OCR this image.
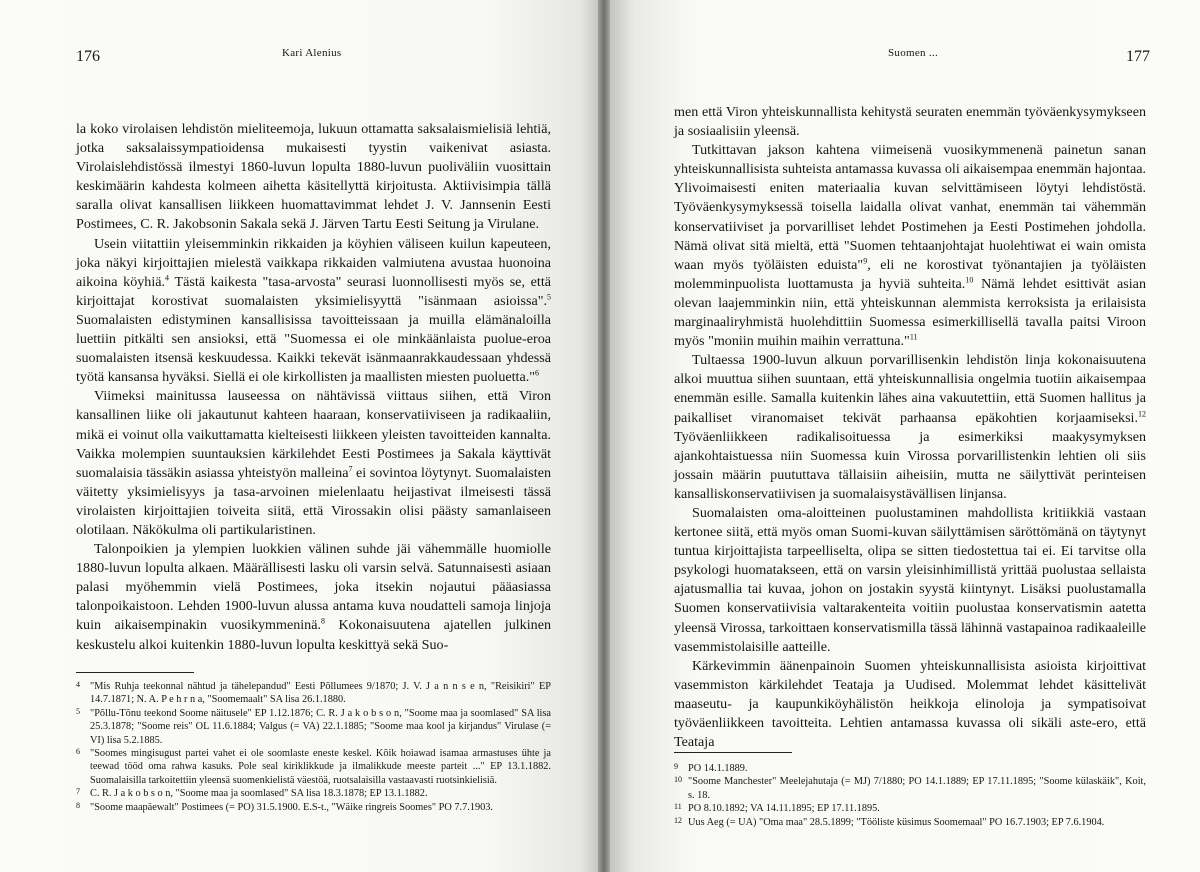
176	Kari Alenius

la koko virolaisen lehdistön mieliteemoja, lukuun ottamatta saksalaismielisiä lehtiä, jotka saksalaissympatioidensa mukaisesti tyystin vaikenivat asiasta. Virolaislehdistössä ilmestyi 1860-luvun lopulta 1880-luvun puoliväliin vuosittain keskimäärin kahdesta kolmeen aihetta käsitellyttä kirjoitusta. Aktiivisimpia tällä saralla olivat kansallisen liikkeen huomattavimmat lehdet J. V. Jannsenin Eesti Postimees, C. R. Jakobsonin Sakala sekä J. Järven Tartu Eesti Seitung ja Virulane.

Usein viitattiin yleisemminkin rikkaiden ja köyhien väliseen kuilun kapeuteen, joka näkyi kirjoittajien mielestä vaikkapa rikkaiden valmiutena avustaa huonoina aikoina köyhiä.$^4$ Tästä kaikesta "tasa-arvosta" seurasi luonnollisesti myös se, että kirjoittajat korostivat suomalaisten yksimielisyyttä "isänmaan asioissa".$^5$ Suomalaisten edistyminen kansallisissa tavoitteissaan ja muilla elämänaloilla luettiin pitkälti sen ansioksi, että "Suomessa ei ole minkäänlaista puolue-eroa suomalaisten itsensä keskuudessa. Kaikki tekevät isänmaanrakkaudessaan yhdessä työtä kansansa hyväksi. Siellä ei ole kirkollisten ja maallisten miesten puoluetta."$^6$

Viimeksi mainitussa lauseessa on nähtävissä viittaus siihen, että Viron kansallinen liike oli jakautunut kahteen haaraan, konservatiiviseen ja radikaaliin, mikä ei voinut olla vaikuttamatta kielteisesti liikkeen yleisten tavoitteiden kannalta. Vaikka molempien suuntauksien kärkilehdet Eesti Postimees ja Sakala käyttivät suomalaisia tässäkin asiassa yhteistyön malleina$^7$ ei sovintoa löytynyt. Suomalaisten väitetty yksimielisyys ja tasa-arvoinen mielenlaatu heijastivat ilmeisesti tässä virolaisten kirjoittajien toiveita siitä, että Virossakin olisi päästy samanlaiseen olotilaan. Näkökulma oli partikularistinen.

Talonpoikien ja ylempien luokkien välinen suhde jäi vähemmälle huomiolle 1880-luvun lopulta alkaen. Määrällisesti lasku oli varsin selvä. Satunnaisesti asiaan palasi myöhemmin vielä Postimees, joka itsekin nojautui pääasiassa talonpoikaistoon. Lehden 1900-luvun alussa antama kuva noudatteli samoja linjoja kuin aikaisempinakin vuosikymmeninä.$^8$ Kokonaisuutena ajatellen julkinen keskustelu alkoi kuitenkin 1880-luvun lopulta keskittyä sekä Suo-

4 "Mis Ruhja teekonnal nähtud ja tähelepandud" Eesti Põllumees 9/1870; J. V. J a n n s e n, "Reisikiri" EP 14.7.1871; N. A. P e h r n a, "Soomemaalt" SA lisa 26.1.1880.

5 "Põllu-Tõnu teekond Soome näitusele" EP 1.12.1876; C. R. J a k o b s o n, "Soome maa ja soomlased" SA lisa 25.3.1878; "Soome reis" OL 11.6.1884; Valgus (= VA) 22.1.1885; "Soome maa kool ja kirjandus" Virulase (= VI) lisa 5.2.1885.

6 "Soomes mingisugust partei vahet ei ole soomlaste eneste keskel. Kõik hoiawad isamaa armastuses ühte ja teewad tööd oma rahwa kasuks. Pole seal kiriklikkude ja ilmalikkude meeste parteit ..." EP 13.1.1882. Suomalaisilla tarkoitettiin yleensä suomenkielistä väestöä, ruotsalaisilla vastaavasti ruotsinkielisiä.

7 C. R. J a k o b s o n, "Soome maa ja soomlased" SA lisa 18.3.1878; EP 13.1.1882.

8 "Soome maapäewalt" Postimees (= PO) 31.5.1900. E.S-t., "Wäike ringreis Soomes" PO 7.7.1903.

Suomen ...	177

men että Viron yhteiskunnallista kehitystä seuraten enemmän työväenkysymykseen ja sosiaalisiin yleensä.

Tutkittavan jakson kahtena viimeisenä vuosikymmenenä painetun sanan yhteiskunnallisista suhteista antamassa kuvassa oli aikaisempaa enemmän hajontaa. Ylivoimaisesti eniten materiaalia kuvan selvittämiseen löytyi lehdistöstä. Työväenkysymyksessä toisella laidalla olivat vanhat, enemmän tai vähemmän konservatiiviset ja porvarilliset lehdet Postimehen ja Eesti Postimehen johdolla. Nämä olivat sitä mieltä, että "Suomen tehtaanjohtajat huolehtiwat ei wain omista waan myös työläisten eduista"$^9$, eli ne korostivat työnantajien ja työläisten molemminpuolista luottamusta ja hyviä suhteita.$^{10}$ Nämä lehdet esittivät asian olevan laajemminkin niin, että yhteiskunnan alemmista kerroksista ja erilaisista marginaaliryhmistä huolehdittiin Suomessa esimerkillisellä tavalla paitsi Viroon myös "moniin muihin maihin verrattuna."$^{11}$

Tultaessa 1900-luvun alkuun porvarillisenkin lehdistön linja kokonaisuutena alkoi muuttua siihen suuntaan, että yhteiskunnallisia ongelmia tuotiin aikaisempaa enemmän esille. Samalla kuitenkin lähes aina vakuutettiin, että Suomen hallitus ja paikalliset viranomaiset tekivät parhaansa epäkohtien korjaamiseksi.$^{12}$ Työväenliikkeen radikalisoituessa ja esimerkiksi maakysymyksen ajankohtaistuessa niin Suomessa kuin Virossa porvarillistenkin lehtien oli siis jossain määrin puututtava tällaisiin aiheisiin, mutta ne säilyttivät perinteisen kansalliskonservatiivisen ja suomalaisystävällisen linjansa.

Suomalaisten oma-aloitteinen puolustaminen mahdollista kritiikkiä vastaan kertonee siitä, että myös oman Suomi-kuvan säilyttämisen säröttömänä on täytynyt tuntua kirjoittajista tarpeelliselta, olipa se sitten tiedostettua tai ei. Ei tarvitse olla psykologi huomatakseen, että on varsin yleisinhimillistä yrittää puolustaa sellaista ajatusmallia tai kuvaa, johon on jostakin syystä kiintynyt. Lisäksi puolustamalla Suomen konservatiivisia valtarakenteita voitiin puolustaa konservatismin aatetta yleensä Virossa, tarkoittaen konservatismilla tässä lähinnä vastapainoa radikaaleille vasemmistolaisille aatteille.

Kärkevimmin äänenpainoin Suomen yhteiskunnallisista asioista kirjoittivat vasemmiston kärkilehdet Teataja ja Uudised. Molemmat lehdet käsittelivät maaseutu- ja kaupunkiköyhälistön heikkoja elinoloja ja sympatisoivat työväenliikkeen tavoitteita. Lehtien antamassa kuvassa oli sikäli aste-ero, että Teataja

9 PO 14.1.1889.

10 "Soome Manchester" Meelejahutaja (= MJ) 7/1880; PO 14.1.1889; EP 17.11.1895; "Soome külaskäik", Koit, s. 18.

11 PO 8.10.1892; VA 14.11.1895; EP 17.11.1895.

12 Uus Aeg (= UA) "Oma maa" 28.5.1899; "Tööliste küsimus Soomemaal" PO 16.7.1903; EP 7.6.1904.
